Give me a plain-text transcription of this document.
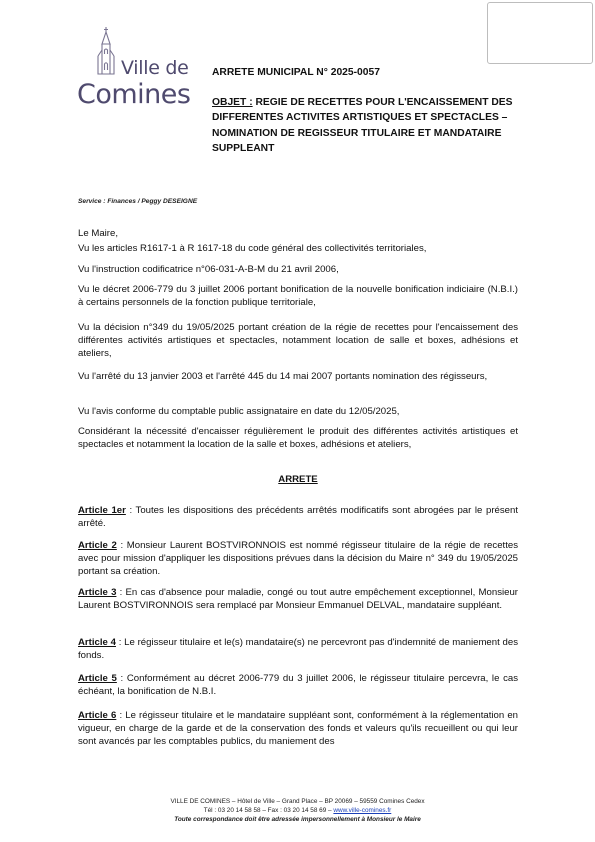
Ville de
Comines
ARRETE MUNICIPAL N° 2025-0057
OBJET : REGIE DE RECETTES POUR L'ENCAISSEMENT DES DIFFERENTES ACTIVITES ARTISTIQUES ET SPECTACLES – NOMINATION DE REGISSEUR TITULAIRE ET MANDATAIRE SUPPLEANT
Service : Finances / Peggy DESEIGNE
Le Maire,
Vu les articles R1617-1 à R 1617-18 du code général des collectivités territoriales,
Vu l'instruction codificatrice n°06-031-A-B-M du 21 avril 2006,
Vu le décret 2006-779 du 3 juillet 2006 portant bonification de la nouvelle bonification indiciaire (N.B.I.) à certains personnels de la fonction publique territoriale,
Vu la décision n°349 du 19/05/2025 portant création de la régie de recettes pour l'encaissement des différentes activités artistiques et spectacles, notamment location de salle et boxes, adhésions et ateliers,
Vu l'arrêté du 13 janvier 2003 et l'arrêté 445 du 14 mai 2007 portants nomination des régisseurs,
Vu l'avis conforme du comptable public assignataire en date du 12/05/2025,
Considérant la nécessité d'encaisser régulièrement le produit des différentes activités artistiques et spectacles et notamment la location de la salle et boxes, adhésions et ateliers,
ARRETE
Article 1er : Toutes les dispositions des précédents arrêtés modificatifs sont abrogées par le présent arrêté.
Article 2 : Monsieur Laurent BOSTVIRONNOIS est nommé régisseur titulaire de la régie de recettes avec pour mission d'appliquer les dispositions prévues dans la décision du Maire n° 349 du 19/05/2025 portant sa création.
Article 3 : En cas d'absence pour maladie, congé ou tout autre empêchement exceptionnel, Monsieur Laurent BOSTVIRONNOIS sera remplacé par Monsieur Emmanuel DELVAL, mandataire suppléant.
Article 4 : Le régisseur titulaire et le(s) mandataire(s) ne percevront pas d'indemnité de maniement des fonds.
Article 5 : Conformément au décret 2006-779 du 3 juillet 2006, le régisseur titulaire percevra, le cas échéant, la bonification de N.B.I.
Article 6 : Le régisseur titulaire et le mandataire suppléant sont, conformément à la réglementation en vigueur, en charge de la garde et de la conservation des fonds et valeurs qu'ils recueillent ou qui leur sont avancés par les comptables publics, du maniement des
VILLE DE COMINES – Hôtel de Ville – Grand Place – BP 20069 – 59559 Comines Cedex
Tél : 03 20 14 58 58 – Fax : 03 20 14 58 69 – www.ville-comines.fr
Toute correspondance doit être adressée impersonnellement à Monsieur le Maire
